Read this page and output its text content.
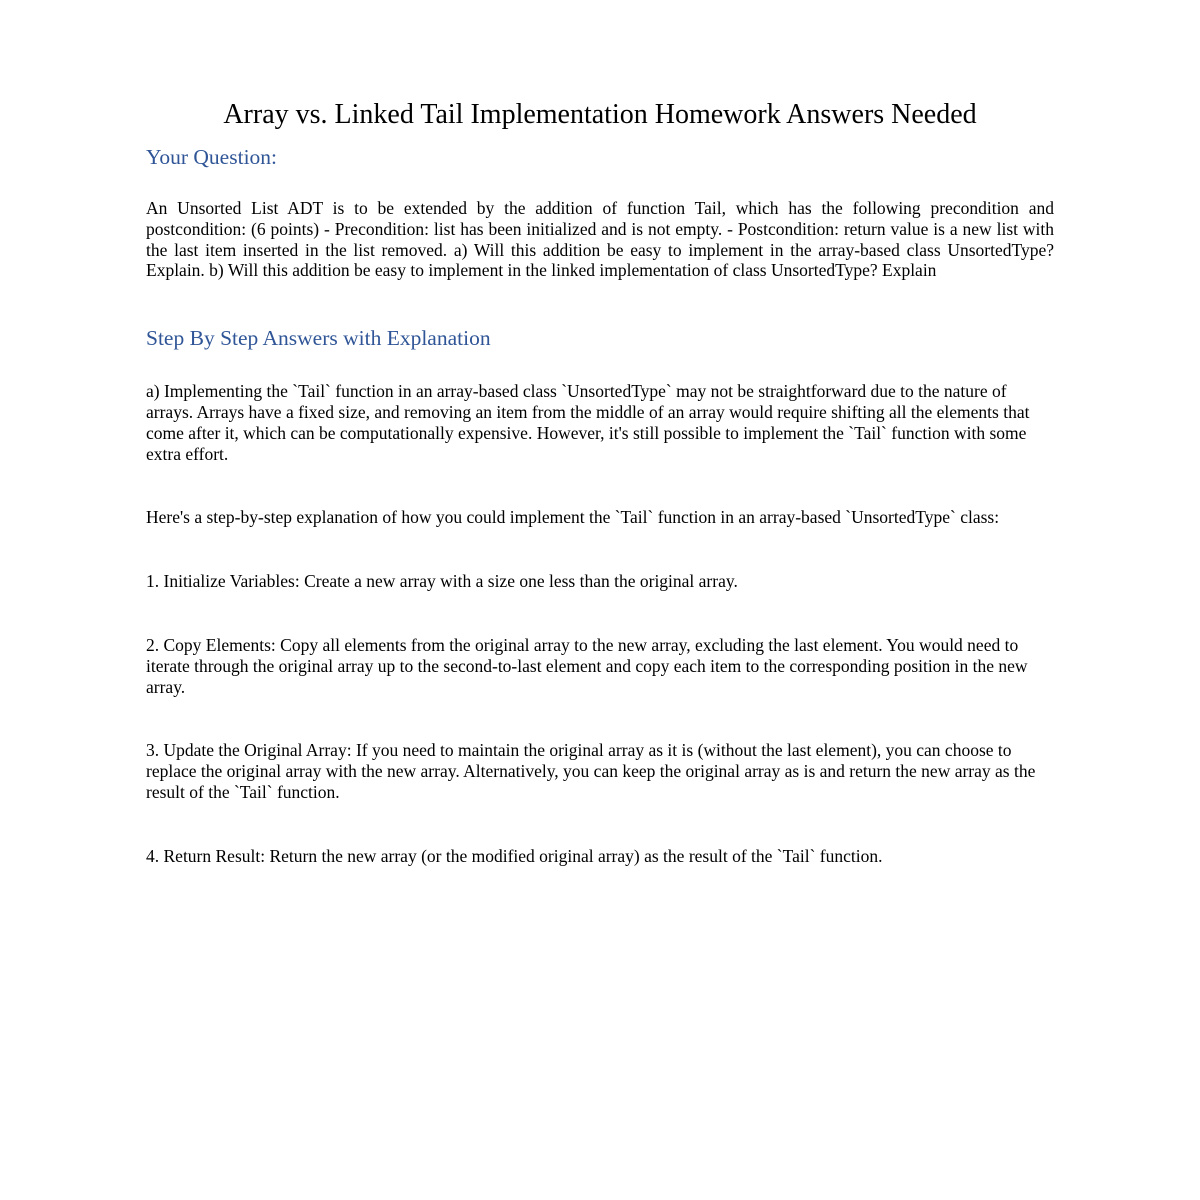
Array vs. Linked Tail Implementation Homework Answers Needed
Your Question:

An Unsorted List ADT is to be extended by the addition of function Tail, which has the following precondition and postcondition: (6 points) - Precondition: list has been initialized and is not empty. - Postcondition: return value is a new list with the last item inserted in the list removed. a) Will this addition be easy to implement in the array-based class UnsortedType? Explain. b) Will this addition be easy to implement in the linked implementation of class UnsortedType? Explain

Step By Step Answers with Explanation

a) Implementing the `Tail` function in an array-based class `UnsortedType` may not be straightforward due to the nature of arrays. Arrays have a fixed size, and removing an item from the middle of an array would require shifting all the elements that come after it, which can be computationally expensive. However, it's still possible to implement the `Tail` function with some extra effort.

Here's a step-by-step explanation of how you could implement the `Tail` function in an array-based `UnsortedType` class:

1. Initialize Variables: Create a new array with a size one less than the original array.

2. Copy Elements: Copy all elements from the original array to the new array, excluding the last element. You would need to iterate through the original array up to the second-to-last element and copy each item to the corresponding position in the new array.

3. Update the Original Array: If you need to maintain the original array as it is (without the last element), you can choose to replace the original array with the new array. Alternatively, you can keep the original array as is and return the new array as the result of the `Tail` function.

4. Return Result: Return the new array (or the modified original array) as the result of the `Tail` function.
